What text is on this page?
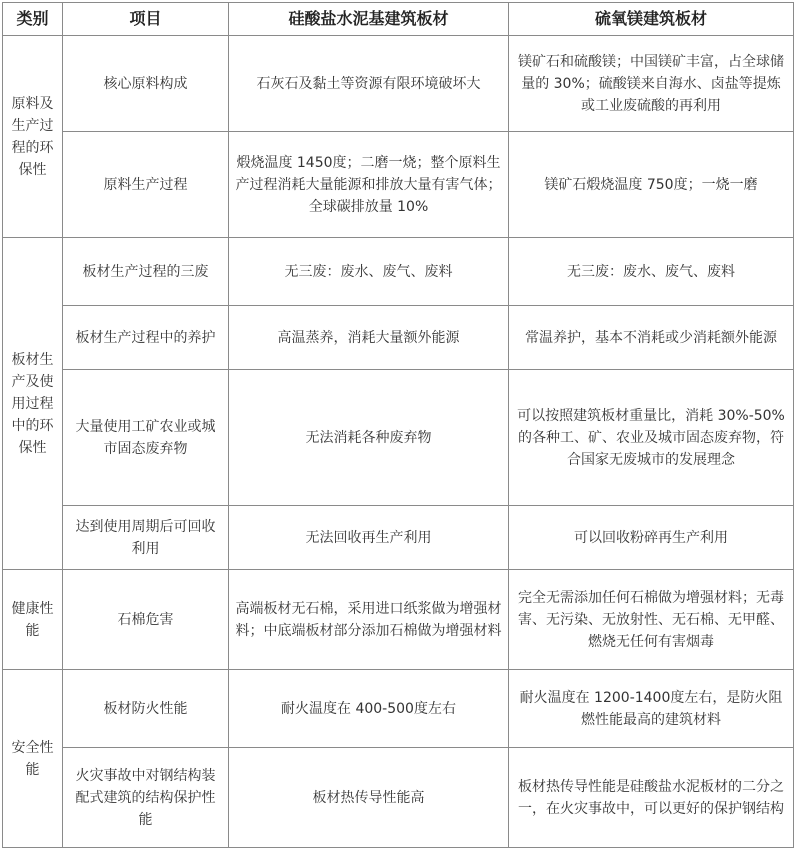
类别	项目	硅酸盐水泥基建筑板材	硫氧镁建筑板材
原料及生产过程的环保性	核心原料构成	石灰石及黏土等资源有限环境破坏大	镁矿石和硫酸镁；中国镁矿丰富，占全球储量的 30%；硫酸镁来自海水、卤盐等提炼或工业废硫酸的再利用
	原料生产过程	煅烧温度 1450度；二磨一烧；整个原料生产过程消耗大量能源和排放大量有害气体；全球碳排放量 10%	镁矿石煅烧温度 750度；一烧一磨
板材生产及使用过程中的环保性	板材生产过程的三废	无三废：废水、废气、废料	无三废：废水、废气、废料
	板材生产过程中的养护	高温蒸养，消耗大量额外能源	常温养护，基本不消耗或少消耗额外能源
	大量使用工矿农业或城市固态废弃物	无法消耗各种废弃物	可以按照建筑板材重量比，消耗 30%-50%的各种工、矿、农业及城市固态废弃物，符合国家无废城市的发展理念
	达到使用周期后可回收利用	无法回收再生产利用	可以回收粉碎再生产利用
健康性能	石棉危害	高端板材无石棉，采用进口纸浆做为增强材料；中底端板材部分添加石棉做为增强材料	完全无需添加任何石棉做为增强材料；无毒害、无污染、无放射性、无石棉、无甲醛、燃烧无任何有害烟毒
安全性能	板材防火性能	耐火温度在 400-500度左右	耐火温度在 1200-1400度左右，是防火阻燃性能最高的建筑材料
	火灾事故中对钢结构装配式建筑的结构保护性能	板材热传导性能高	板材热传导性能是硅酸盐水泥板材的二分之一，在火灾事故中，可以更好的保护钢结构
